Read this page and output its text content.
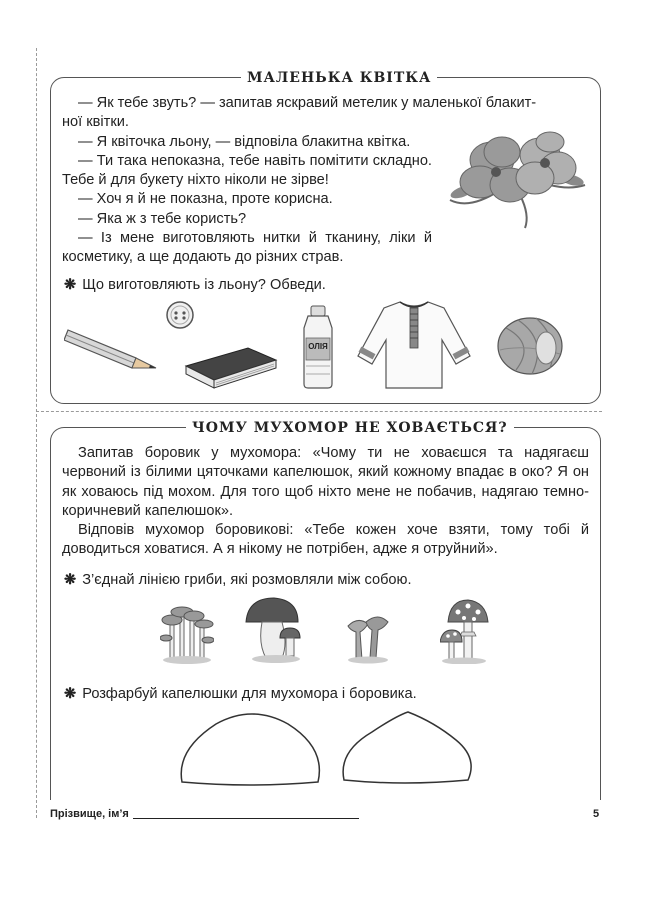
МАЛЕНЬКА КВІТКА

— Як тебе звуть? — запитав яскравий метелик у маленької блакит-

ної квітки.

— Я квіточка льону, — відповіла блакитна квітка.

— Ти така непоказна, тебе навіть помітити складно. Тебе й для букету ніхто ніколи не зірве!

— Хоч я й не показна, проте корисна.

— Яка ж з тебе користь?

— Із мене виготовляють нитки й тканину, ліки й косметику, а ще додають до різних страв.

❋ Що виготовляють із льону? Обведи.
ОЛІЯ
ЧОМУ МУХОМОР НЕ ХОВАЄТЬСЯ?

Запитав боровик у мухомора: «Чому ти не ховаєшся та надягаєш червоний із білими цяточками капелюшок, який кожному впадає в око? Я он як ховаюсь під мохом. Для того щоб ніхто мене не побачив, надягаю темно-коричневий капелюшок».

Відповів мухомор боровикові: «Тебе кожен хоче взяти, тому тобі й доводиться ховатися. А я нікому не потрібен, адже я отруйний».

❋ З’єднай лінією гриби, які розмовляли між собою.
❋ Розфарбуй капелюшки для мухомора і боровика.
Прізвище, ім’я	5
